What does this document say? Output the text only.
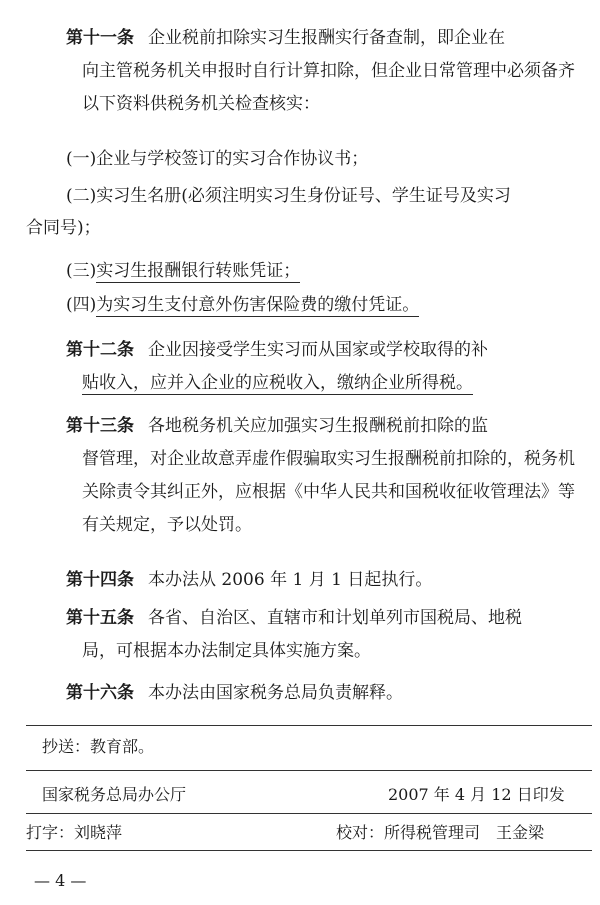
第十一条 企业税前扣除实习生报酬实行备查制，即企业在

向主管税务机关申报时自行计算扣除，但企业日常管理中必须备齐以下资料供税务机关检查核实：

(一)企业与学校签订的实习合作协议书；
(二)实习生名册(必须注明实习生身份证号、学生证号及实习
合同号)；
(三)实习生报酬银行转账凭证；
(四)为实习生支付意外伤害保险费的缴付凭证。

第十二条 企业因接受学生实习而从国家或学校取得的补

贴收入，应并入企业的应税收入，缴纳企业所得税。

第十三条 各地税务机关应加强实习生报酬税前扣除的监

督管理，对企业故意弄虚作假骗取实习生报酬税前扣除的，税务机

关除责令其纠正外，应根据《中华人民共和国税收征收管理法》等

有关规定，予以处罚。

第十四条 本办法从 2006 年 1 月 1 日起执行。

第十五条 各省、自治区、直辖市和计划单列市国税局、地税

局，可根据本办法制定具体实施方案。

第十六条 本办法由国家税务总局负责解释。

抄送：教育部。
国家税务总局办公厅	2007 年 4 月 12 日印发
打字：刘晓萍	校对：所得税管理司　王金梁
— 4 —
